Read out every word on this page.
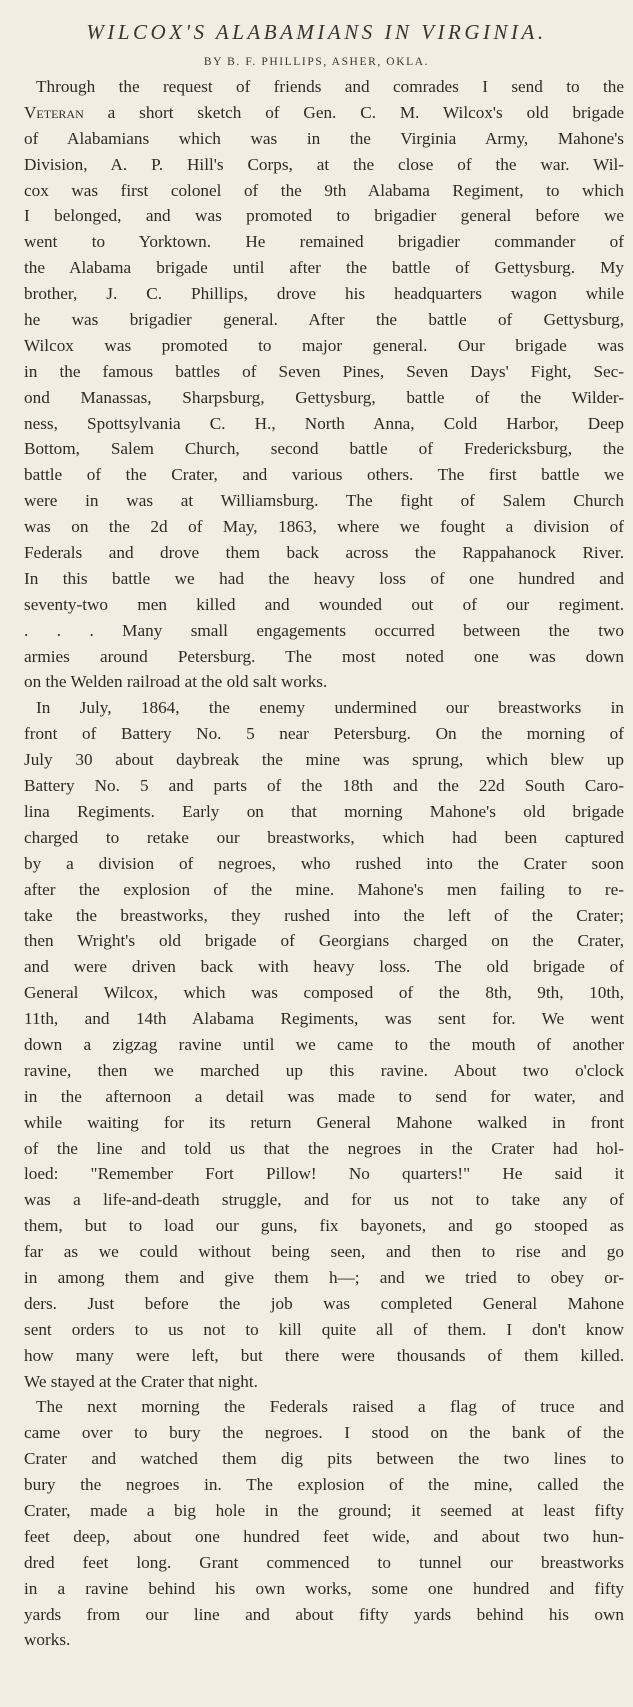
WILCOX'S ALABAMIANS IN VIRGINIA.

BY B. F. PHILLIPS, ASHER, OKLA.

Through the request of friends and comrades I send to the
Veteran a short sketch of Gen. C. M. Wilcox's old brigade
of Alabamians which was in the Virginia Army, Mahone's
Division, A. P. Hill's Corps, at the close of the war. Wil-
cox was first colonel of the 9th Alabama Regiment, to which
I belonged, and was promoted to brigadier general before we
went to Yorktown. He remained brigadier commander of
the Alabama brigade until after the battle of Gettysburg. My
brother, J. C. Phillips, drove his headquarters wagon while
he was brigadier general. After the battle of Gettysburg,
Wilcox was promoted to major general. Our brigade was
in the famous battles of Seven Pines, Seven Days' Fight, Sec-
ond Manassas, Sharpsburg, Gettysburg, battle of the Wilder-
ness, Spottsylvania C. H., North Anna, Cold Harbor, Deep
Bottom, Salem Church, second battle of Fredericksburg, the
battle of the Crater, and various others. The first battle we
were in was at Williamsburg. The fight of Salem Church
was on the 2d of May, 1863, where we fought a division of
Federals and drove them back across the Rappahanock River.
In this battle we had the heavy loss of one hundred and
seventy-two men killed and wounded out of our regiment.
. . . Many small engagements occurred between the two
armies around Petersburg. The most noted one was down
on the Welden railroad at the old salt works.
In July, 1864, the enemy undermined our breastworks in
front of Battery No. 5 near Petersburg. On the morning of
July 30 about daybreak the mine was sprung, which blew up
Battery No. 5 and parts of the 18th and the 22d South Caro-
lina Regiments. Early on that morning Mahone's old brigade
charged to retake our breastworks, which had been captured
by a division of negroes, who rushed into the Crater soon
after the explosion of the mine. Mahone's men failing to re-
take the breastworks, they rushed into the left of the Crater;
then Wright's old brigade of Georgians charged on the Crater,
and were driven back with heavy loss. The old brigade of
General Wilcox, which was composed of the 8th, 9th, 10th,
11th, and 14th Alabama Regiments, was sent for. We went
down a zigzag ravine until we came to the mouth of another
ravine, then we marched up this ravine. About two o'clock
in the afternoon a detail was made to send for water, and
while waiting for its return General Mahone walked in front
of the line and told us that the negroes in the Crater had hol-
loed: "Remember Fort Pillow! No quarters!" He said it
was a life-and-death struggle, and for us not to take any of
them, but to load our guns, fix bayonets, and go stooped as
far as we could without being seen, and then to rise and go
in among them and give them h—; and we tried to obey or-
ders. Just before the job was completed General Mahone
sent orders to us not to kill quite all of them. I don't know
how many were left, but there were thousands of them killed.
We stayed at the Crater that night.
The next morning the Federals raised a flag of truce and
came over to bury the negroes. I stood on the bank of the
Crater and watched them dig pits between the two lines to
bury the negroes in. The explosion of the mine, called the
Crater, made a big hole in the ground; it seemed at least fifty
feet deep, about one hundred feet wide, and about two hun-
dred feet long. Grant commenced to tunnel our breastworks
in a ravine behind his own works, some one hundred and fifty
yards from our line and about fifty yards behind his own
works.
